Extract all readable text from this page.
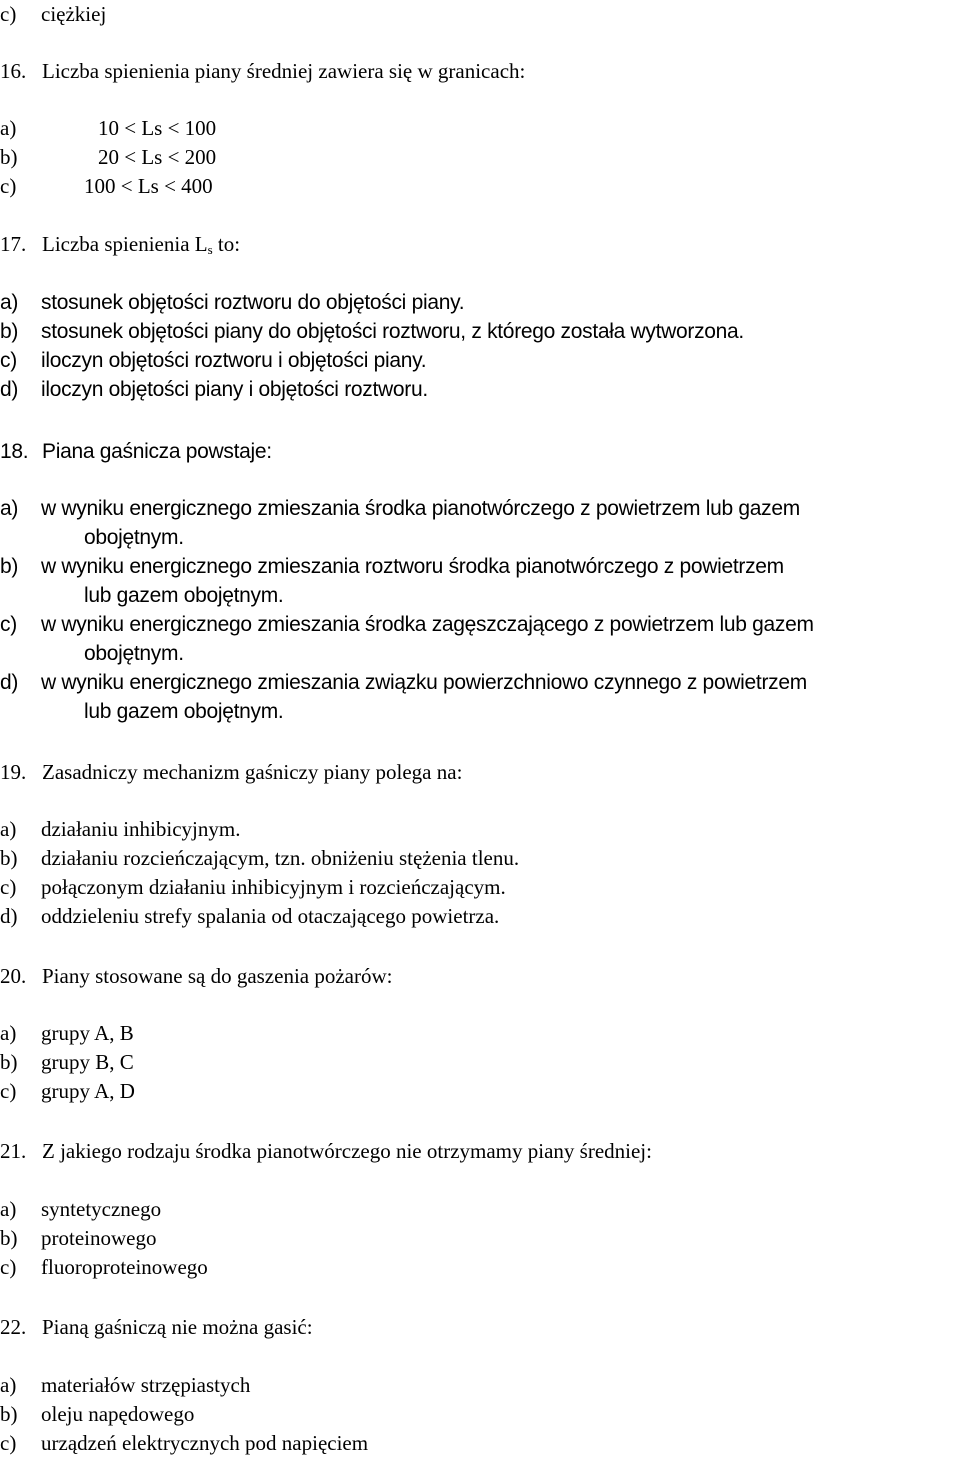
c) ciężkiej
16. Liczba spienienia piany średniej zawiera się w granicach:
a)	10 < Ls < 100
b)	20 < Ls < 200
c)	100 < Ls < 400
17. Liczba spienienia $L_s$ to:
a) stosunek objętości roztworu do objętości piany.
b) stosunek objętości piany do objętości roztworu, z którego została wytworzona.
c) iloczyn objętości roztworu i objętości piany.
d) iloczyn objętości piany i objętości roztworu.
18. Piana gaśnicza powstaje:
a) w wyniku energicznego zmieszania środka pianotwórczego z powietrzem lub gazem
obojętnym.
b) w wyniku energicznego zmieszania roztworu środka pianotwórczego z powietrzem
lub gazem obojętnym.
c) w wyniku energicznego zmieszania środka zagęszczającego z powietrzem lub gazem
obojętnym.
d) w wyniku energicznego zmieszania związku powierzchniowo czynnego z powietrzem
lub gazem obojętnym.
19. Zasadniczy mechanizm gaśniczy piany polega na:
a) działaniu inhibicyjnym.
b) działaniu rozcieńczającym, tzn. obniżeniu stężenia tlenu.
c) połączonym działaniu inhibicyjnym i rozcieńczającym.
d) oddzieleniu strefy spalania od otaczającego powietrza.
20. Piany stosowane są do gaszenia pożarów:
a) grupy A, B
b) grupy B, C
c) grupy A, D
21. Z jakiego rodzaju środka pianotwórczego nie otrzymamy piany średniej:
a) syntetycznego
b) proteinowego
c) fluoroproteinowego
22. Pianą gaśniczą nie można gasić:
a) materiałów strzępiastych
b) oleju napędowego
c) urządzeń elektrycznych pod napięciem
